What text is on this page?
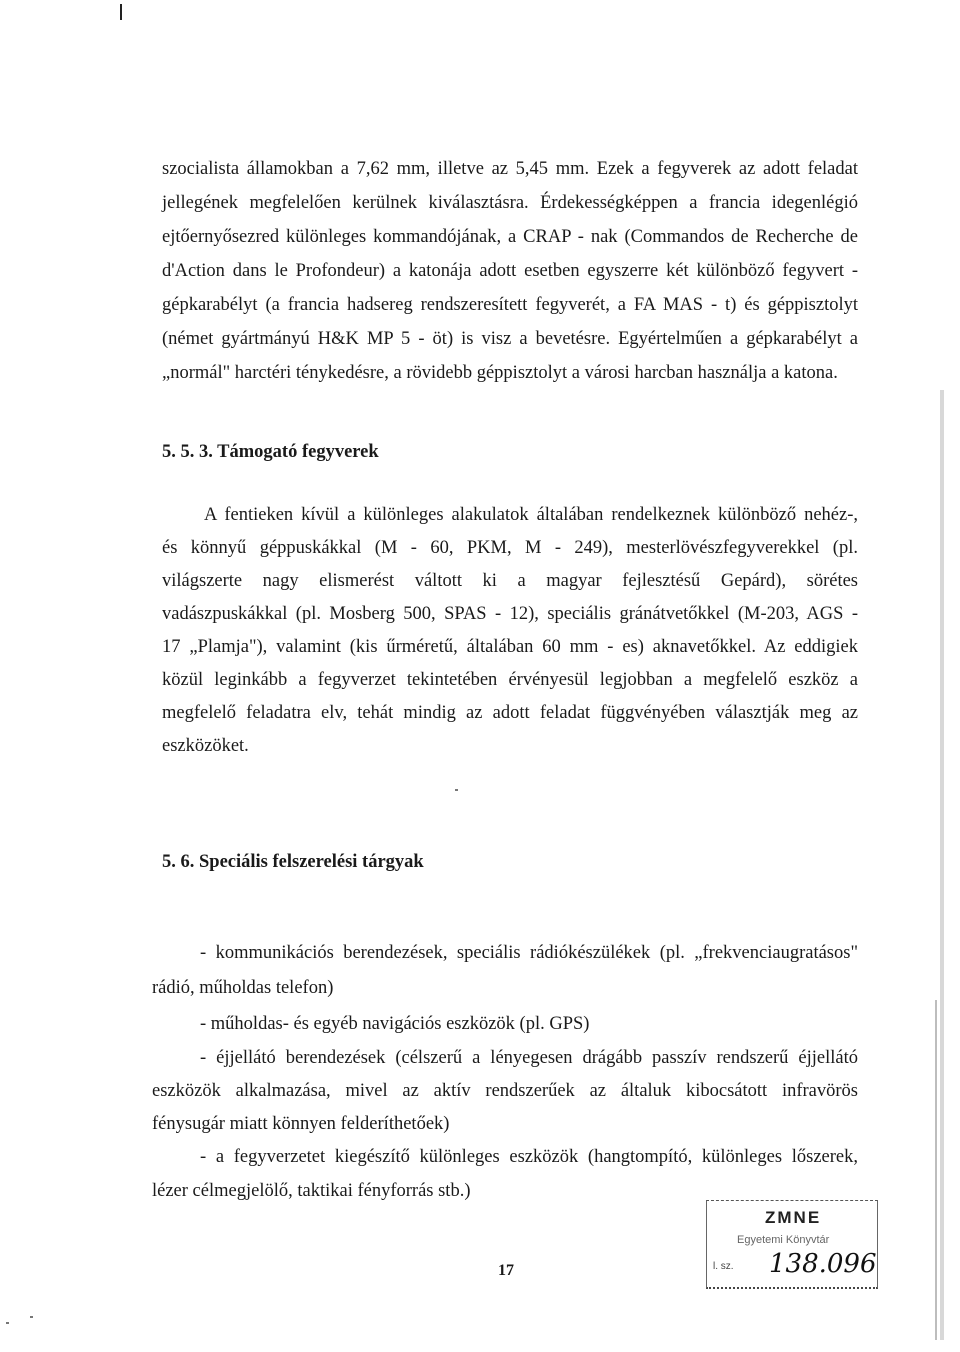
szocialista államokban a 7,62 mm, illetve az 5,45 mm. Ezek a fegyverek az adott feladat
jellegének megfelelően kerülnek kiválasztásra. Érdekességképpen a francia idegenlégió
ejtőernyősezred különleges kommandójának, a CRAP - nak (Commandos de Recherche de
d'Action dans le Profondeur) a katonája adott esetben egyszerre két különböző fegyvert -
gépkarabélyt (a francia hadsereg rendszeresített fegyverét, a FA MAS - t) és géppisztolyt
(német gyártmányú H&K MP 5 - öt) is visz a bevetésre. Egyértelműen a gépkarabélyt a
„normál" harctéri ténykedésre, a rövidebb géppisztolyt a városi harcban használja a katona.
5. 5. 3. Támogató fegyverek
A fentieken kívül a különleges alakulatok általában rendelkeznek különböző nehéz-,
és könnyű géppuskákkal (M - 60, PKM, M - 249), mesterlövészfegyverekkel (pl.
világszerte nagy elismerést váltott ki a magyar fejlesztésű Gepárd), sörétes
vadászpuskákkal (pl. Mosberg 500, SPAS - 12), speciális gránátvetőkkel (M-203, AGS -
17 „Plamja"), valamint (kis űrméretű, általában 60 mm - es) aknavetőkkel. Az eddigiek
közül leginkább a fegyverzet tekintetében érvényesül legjobban a megfelelő eszköz a
megfelelő feladatra elv, tehát mindig az adott feladat függvényében választják meg az
eszközöket.
5. 6. Speciális felszerelési tárgyak
- kommunikációs berendezések, speciális rádiókészülékek (pl. „frekvenciaugratásos"
rádió, műholdas telefon)
- műholdas- és egyéb navigációs eszközök (pl. GPS)
- éjjellátó berendezések (célszerű a lényegesen drágább passzív rendszerű éjjellátó
eszközök alkalmazása, mivel az aktív rendszerűek az általuk kibocsátott infravörös
fénysugár miatt könnyen felderíthetőek)
- a fegyverzetet kiegészítő különleges eszközök (hangtompító, különleges lőszerek,
lézer célmegjelölő, taktikai fényforrás stb.)
17
ZMNE
Egyetemi Könyvtár
l. sz. 138.096
